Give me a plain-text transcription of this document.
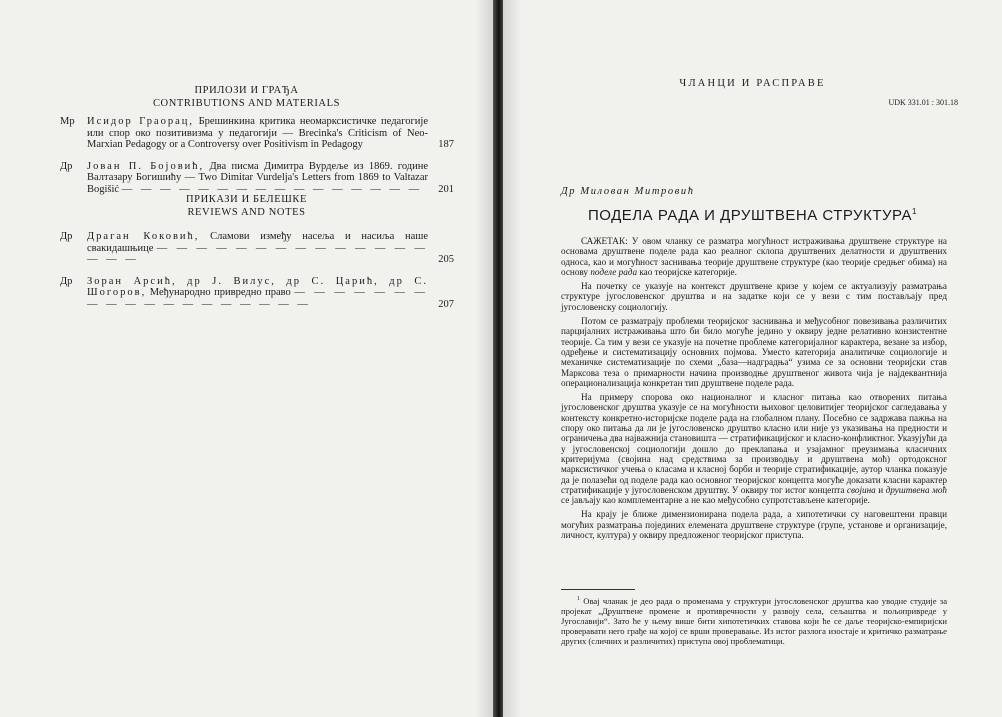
ПРИЛОЗИ И ГРАЂА
CONTRIBUTIONS AND MATERIALS
Мр	Исидор Граорац, Брешинкина критика неомарксистичке педагогије или спор око позитивизма у педагогији — Brecinka's Criticism of Neo-Marxian Pedagogy or a Controversy over Positivism in Pedagogy	187
Др	Јован П. Бојовић, Два писма Димитра Вурдеље из 1869. године Валтазару Богишићу — Two Dimitar Vurdelja's Letters from 1869 to Valtazar Bogišić — — — — — — — — — — — — — — — —	201
ПРИКАЗИ И БЕЛЕШКЕ
REVIEWS AND NOTES
Др	Драган Коковић, Сламови између насеља и насиља наше свакидашњице — — — — — — — — — — — — — — — — —	205
Др	Зоран Арсић, др Ј. Вилус, др С. Царић, др С. Шогоров, Међународно привредно право — — — — — — — — — — — — — — — — — — —	207
ЧЛАНЦИ И РАСПРАВЕ
UDK 331.01 : 301.18
Др Милован Митровић
ПОДЕЛА РАДА И ДРУШТВЕНА СТРУКТУРА$^1$

САЖЕТАК: У овом чланку се разматра могућност истраживања друштвене структуре на основама друштвене поделе рада као реалног склопа друштвених делатности и друштвених односа, као и могућност заснивања теорије друштвене структуре (као теорије средњег обима) на основу поделе рада као теоријске категорије.

На почетку се указује на контекст друштвене кризе у којем се актуализују разматрања структуре југословенског друштва и на задатке који се у вези с тим постављају пред југословенску социологију.

Потом се разматрају проблеми теоријског заснивања и међусобног повезивања различитих парцијалних истраживања што би било могуће једино у оквиру једне релативно конзистентне теорије. Са тим у вези се указује на почетне проблеме категоријалног карактера, везане за избор, одређење и систематизацију основних појмова. Уместо категорија аналитичке социологије и механичке систематизације по схеми „база—надградња“ узима се за основни теоријски став Марксова теза о примарности начина производње друштвеног живота чија је најдеквантнија операционализација конкретан тип друштвене поделе рада.

На примеру спорова око националног и класног питања као отворених питања југословенског друштва указује се на могућности њиховог целовитијег теоријског сагледавања у контексту конкретно-историјске поделе рада на глобалном плану. Посебно се задржава пажња на спору око питања да ли је југословенско друштво класно или није уз указивања на предности и ограничења два најважнија становишта — стратификацијског и класно-конфликтног. Указујући да у југословенској социологији дошло до преклапања и узајамног преузимања класичних критеријума (својина над средствима за производњу и друштвена моћ) ортодоксног марксистичког учења о класама и класној борби и теорије стратификације, аутор чланка показује да је полазећи од поделе рада као основног теоријског концепта могуће доказати класни карактер стратификације у југословенском друштву. У оквиру тог истог концепта својина и друштвена моћ се јављају као комплементарне а не као међусобно супротстављене категорије.

На крају је ближе димензионирана подела рада, а хипотетички су наговештени правци могућих разматрања појединих елемената друштвене структуре (групе, установе и организације, личност, култура) у оквиру предложеног теоријског приступа.

$^1$ Овај чланак је део рада о променама у структури југословенског друштва као уводне студије за пројекат „Друштвене промене и противречности у развоју села, сељаштва и пољопривреде у Југославији“. Зато ће у њему више бити хипотетичких ставова који ће се даље теоријско-емпиријски проверавати него грађе на којој се врши проверавање. Из истог разлога изостаје и критичко разматрање других (сличних и различитих) приступа овој проблематици.
